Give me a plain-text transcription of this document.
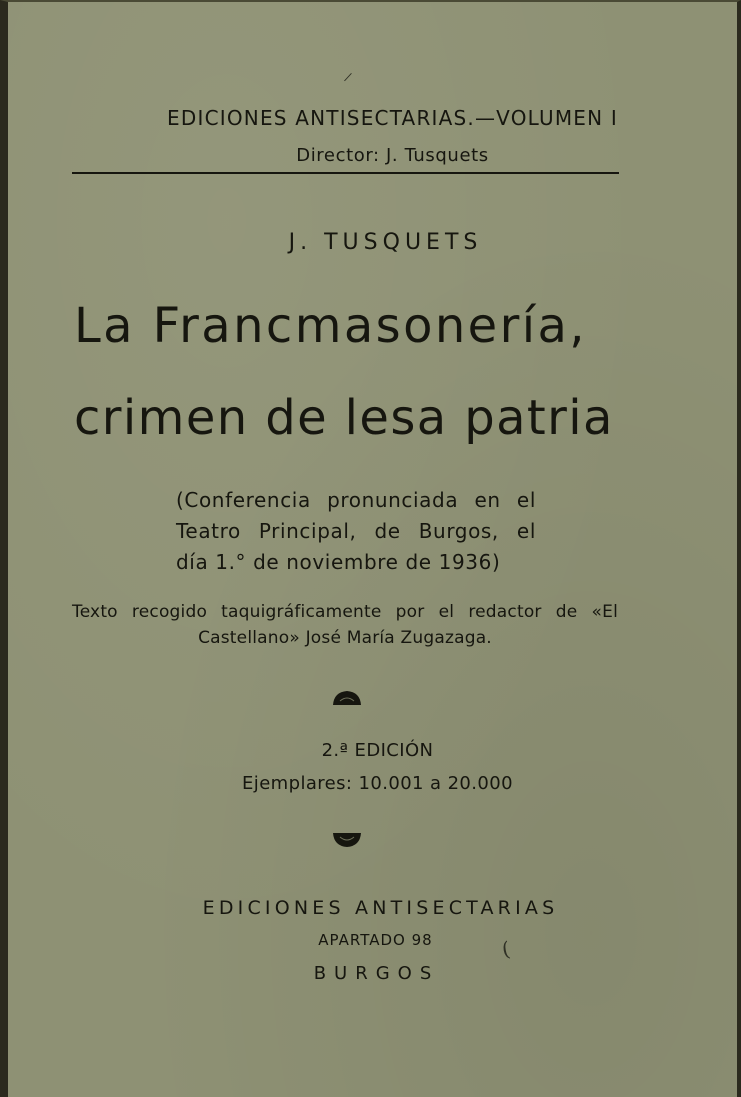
EDICIONES ANTISECTARIAS.—VOLUMEN I
Director: J. Tusquets
J. TUSQUETS
La Francmasonería,
crimen de lesa patria
(Conferencia pronunciada en el
Teatro Principal, de Burgos, el
día 1.° de noviembre de 1936)
Texto recogido taquigráficamente por el redactor de «El
Castellano» José María Zugazaga.
2.ª EDICIÓN
Ejemplares: 10.001 a 20.000
EDICIONES ANTISECTARIAS
APARTADO 98
BURGOS
(
/
